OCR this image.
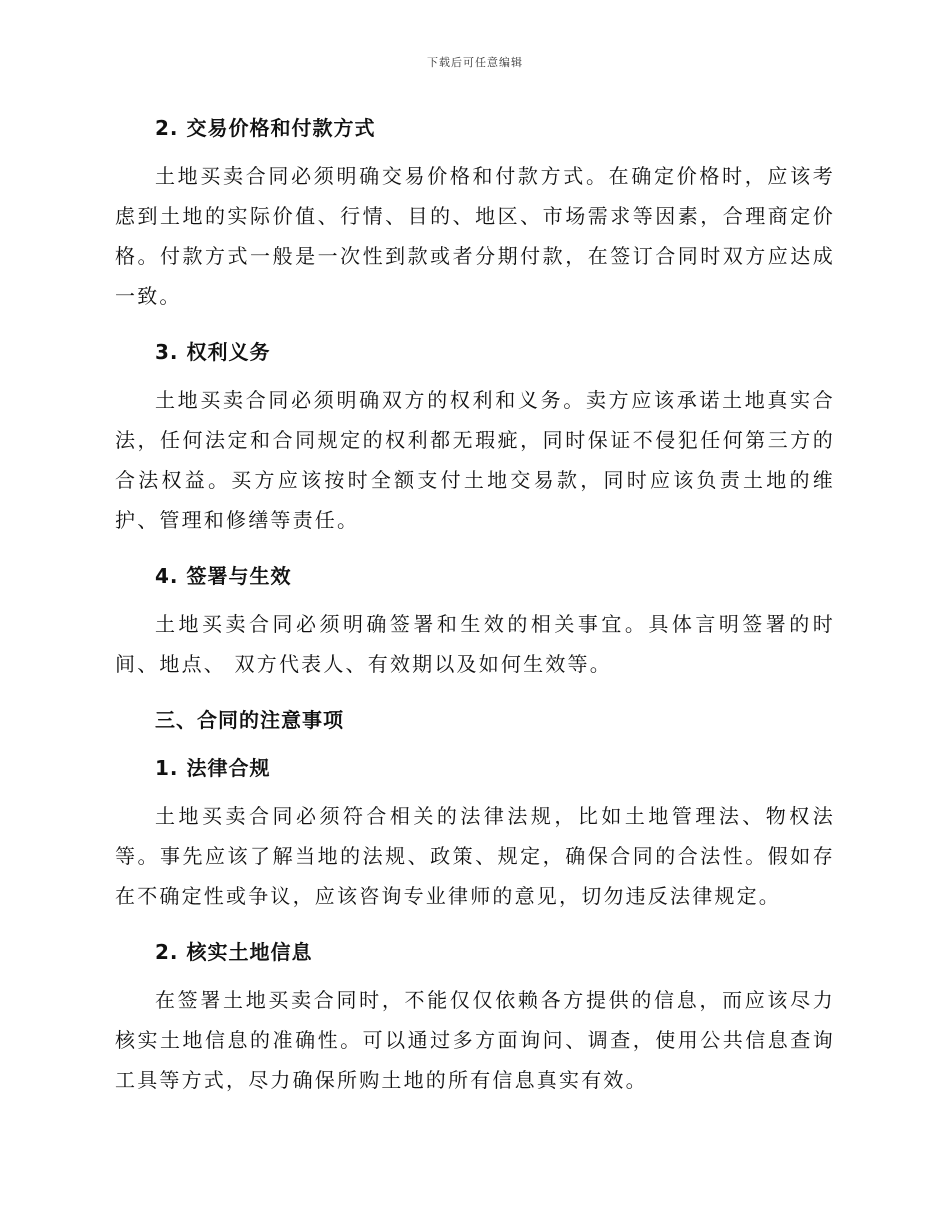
下载后可任意编辑
2. 交易价格和付款方式

土地买卖合同必须明确交易价格和付款方式。在确定价格时，应该考虑到土地的实际价值、行情、目的、地区、市场需求等因素，合理商定价格。付款方式一般是一次性到款或者分期付款，在签订合同时双方应达成一致。

3. 权利义务

土地买卖合同必须明确双方的权利和义务。卖方应该承诺土地真实合法，任何法定和合同规定的权利都无瑕疵，同时保证不侵犯任何第三方的合法权益。买方应该按时全额支付土地交易款，同时应该负责土地的维护、管理和修缮等责任。

4. 签署与生效

土地买卖合同必须明确签署和生效的相关事宜。具体言明签署的时间、地点、 双方代表人、有效期以及如何生效等。

三、合同的注意事项
1. 法律合规

土地买卖合同必须符合相关的法律法规，比如土地管理法、物权法等。事先应该了解当地的法规、政策、规定，确保合同的合法性。假如存在不确定性或争议，应该咨询专业律师的意见，切勿违反法律规定。

2. 核实土地信息

在签署土地买卖合同时，不能仅仅依赖各方提供的信息，而应该尽力核实土地信息的准确性。可以通过多方面询问、调查，使用公共信息查询工具等方式，尽力确保所购土地的所有信息真实有效。
